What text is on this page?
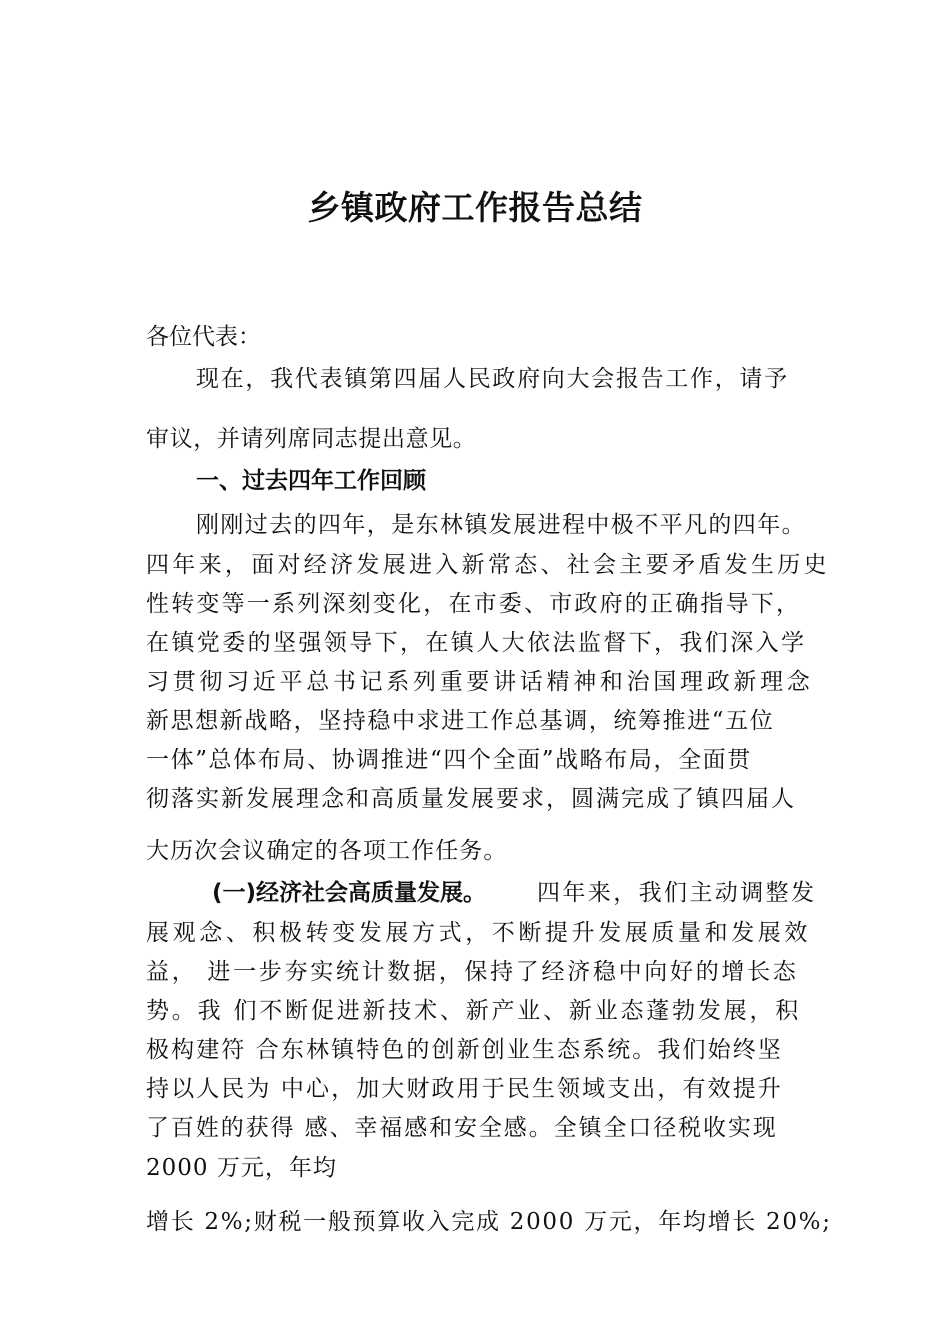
乡镇政府工作报告总结
各位代表：
现在，我代表镇第四届人民政府向大会报告工作，请予
审议，并请列席同志提出意见。
一、过去四年工作回顾
刚刚过去的四年，是东林镇发展进程中极不平凡的四年。
四年来，面对经济发展进入新常态、社会主要矛盾发生历史
性转变等一系列深刻变化，在市委、市政府的正确指导下，
在镇党委的坚强领导下，在镇人大依法监督下，我们深入学
习贯彻习近平总书记系列重要讲话精神和治国理政新理念
新思想新战略，坚持稳中求进工作总基调，统筹推进“五位
一体”总体布局、协调推进“四个全面”战略布局，全面贯
彻落实新发展理念和高质量发展要求，圆满完成了镇四届人
大历次会议确定的各项工作任务。
(一)经济社会高质量发展。 四年来，我们主动调整发
展观念、积极转变发展方式，不断提升发展质量和发展效
益， 进一步夯实统计数据，保持了经济稳中向好的增长态
势。我 们不断促进新技术、新产业、新业态蓬勃发展，积
极构建符 合东林镇特色的创新创业生态系统。我们始终坚
持以人民为 中心，加大财政用于民生领域支出，有效提升
了百姓的获得 感、幸福感和安全感。全镇全口径税收实现
2000 万元，年均
增长 2%;财税一般预算收入完成 2000 万元，年均增长 20%;
